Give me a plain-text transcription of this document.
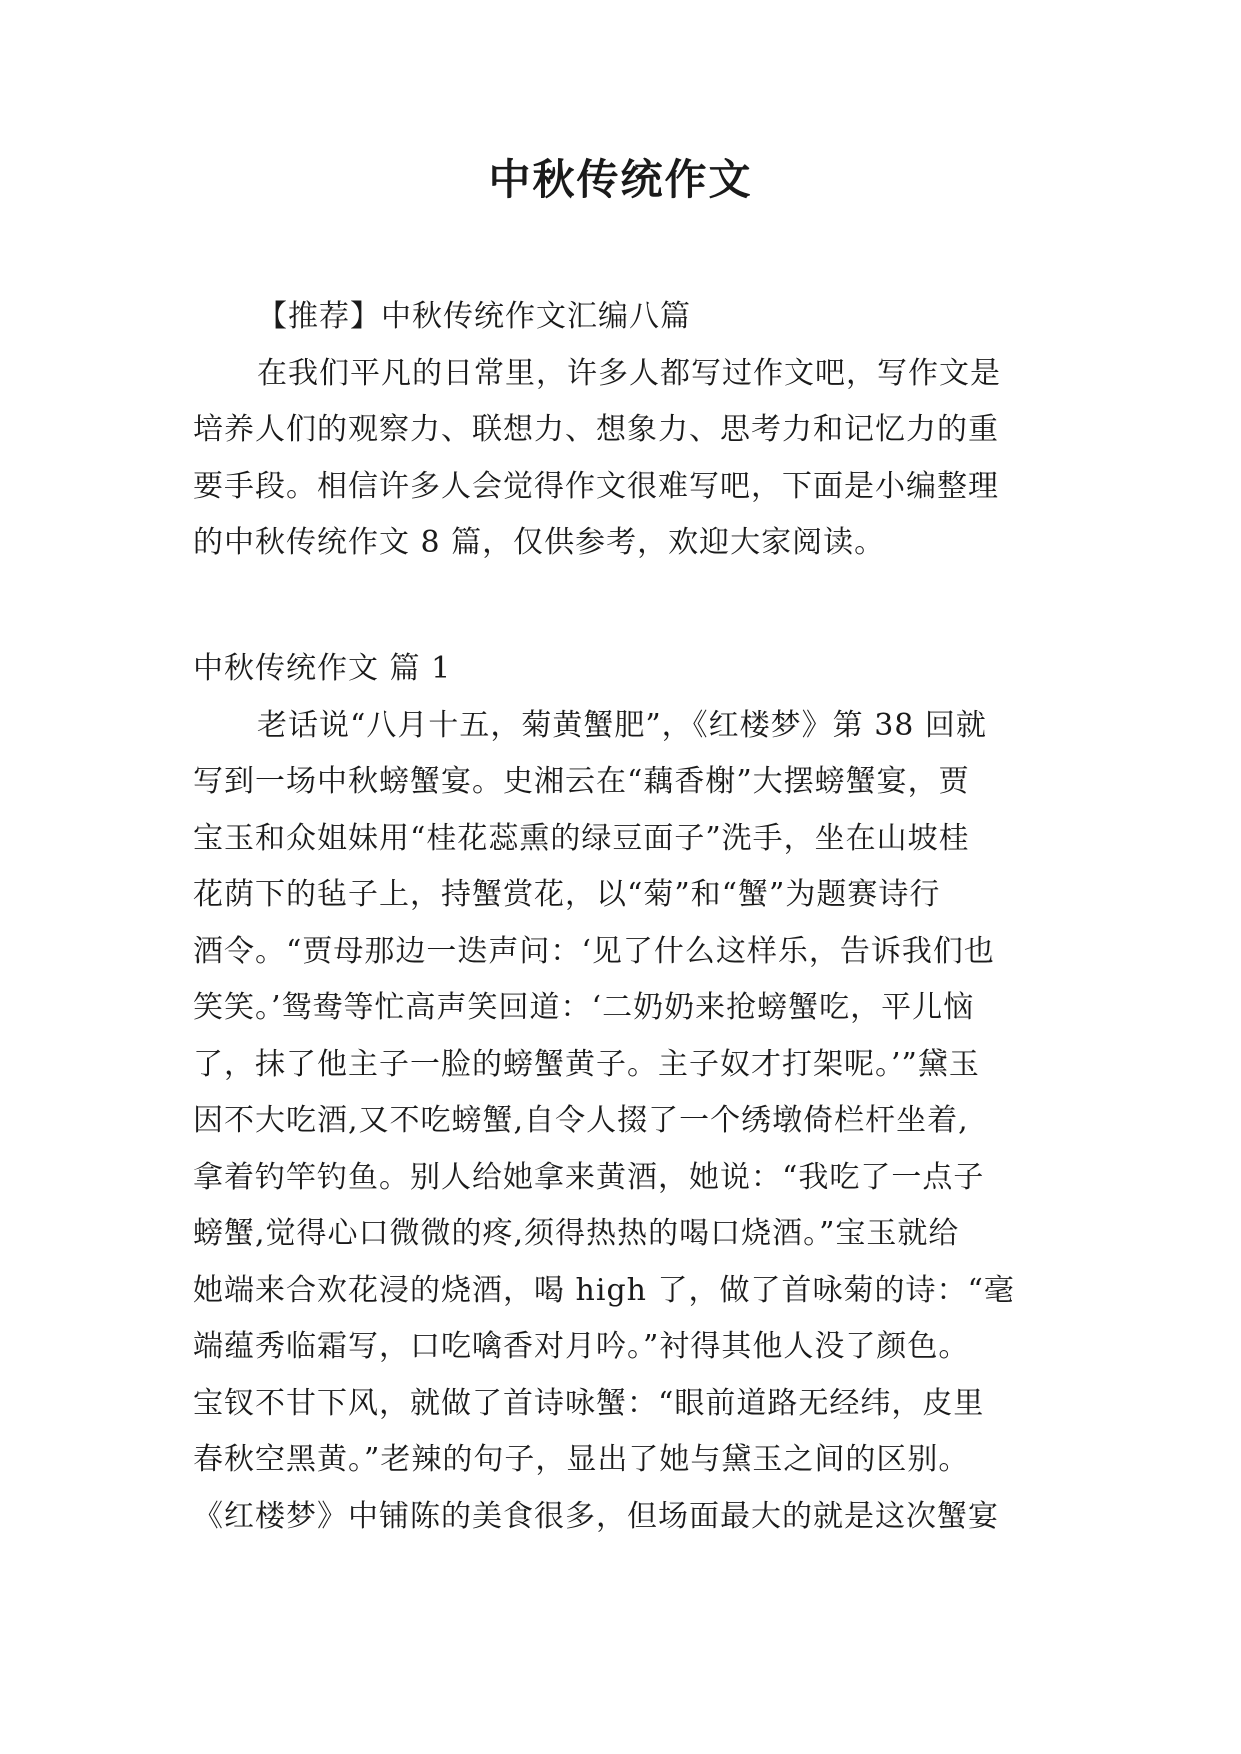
中秋传统作文
【推荐】中秋传统作文汇编八篇
在我们平凡的日常里，许多人都写过作文吧，写作文是
培养人们的观察力、联想力、想象力、思考力和记忆力的重
要手段。相信许多人会觉得作文很难写吧，下面是小编整理
的中秋传统作文 8 篇，仅供参考，欢迎大家阅读。
中秋传统作文 篇 1
老话说“八月十五，菊黄蟹肥”，《红楼梦》第 38 回就
写到一场中秋螃蟹宴。史湘云在“藕香榭”大摆螃蟹宴，贾
宝玉和众姐妹用“桂花蕊熏的绿豆面子”洗手，坐在山坡桂
花荫下的毡子上，持蟹赏花，以“菊”和“蟹”为题赛诗行
酒令。“贾母那边一迭声问：‘见了什么这样乐，告诉我们也
笑笑。’鸳鸯等忙高声笑回道：‘二奶奶来抢螃蟹吃，平儿恼
了，抹了他主子一脸的螃蟹黄子。主子奴才打架呢。’”黛玉
因不大吃酒,又不吃螃蟹,自令人掇了一个绣墩倚栏杆坐着,
拿着钓竿钓鱼。别人给她拿来黄酒，她说：“我吃了一点子
螃蟹,觉得心口微微的疼,须得热热的喝口烧酒。”宝玉就给
她端来合欢花浸的烧酒，喝 high 了，做了首咏菊的诗：“毫
端蕴秀临霜写，口吃噙香对月吟。”衬得其他人没了颜色。
宝钗不甘下风，就做了首诗咏蟹：“眼前道路无经纬，皮里
春秋空黑黄。”老辣的句子，显出了她与黛玉之间的区别。
《红楼梦》中铺陈的美食很多，但场面最大的就是这次蟹宴
